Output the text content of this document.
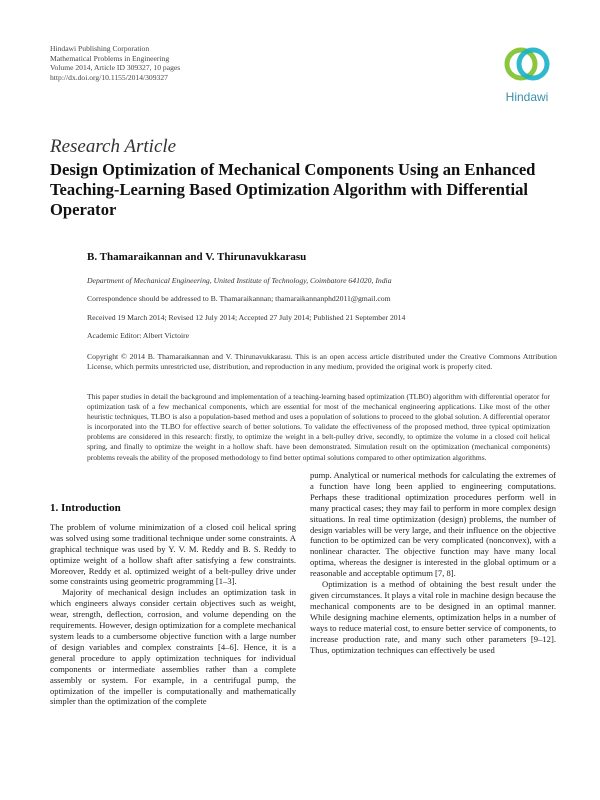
Hindawi Publishing Corporation
Mathematical Problems in Engineering
Volume 2014, Article ID 309327, 10 pages
http://dx.doi.org/10.1155/2014/309327
Hindawi
Research Article
Design Optimization of Mechanical Components Using an Enhanced Teaching-Learning Based Optimization Algorithm with Differential Operator
B. Thamaraikannan and V. Thirunavukkarasu
Department of Mechanical Engineering, United Institute of Technology, Coimbatore 641020, India
Correspondence should be addressed to B. Thamaraikannan; thamaraikannanphd2011@gmail.com
Received 19 March 2014; Revised 12 July 2014; Accepted 27 July 2014; Published 21 September 2014
Academic Editor: Albert Victoire
Copyright © 2014 B. Thamaraikannan and V. Thirunavukkarasu. This is an open access article distributed under the Creative Commons Attribution License, which permits unrestricted use, distribution, and reproduction in any medium, provided the original work is properly cited.
This paper studies in detail the background and implementation of a teaching-learning based optimization (TLBO) algorithm with differential operator for optimization task of a few mechanical components, which are essential for most of the mechanical engineering applications. Like most of the other heuristic techniques, TLBO is also a population-based method and uses a population of solutions to proceed to the global solution. A differential operator is incorporated into the TLBO for effective search of better solutions. To validate the effectiveness of the proposed method, three typical optimization problems are considered in this research: firstly, to optimize the weight in a belt-pulley drive, secondly, to optimize the volume in a closed coil helical spring, and finally to optimize the weight in a hollow shaft. have been demonstrated. Simulation result on the optimization (mechanical components) problems reveals the ability of the proposed methodology to find better optimal solutions compared to other optimization algorithms.
1. Introduction

The problem of volume minimization of a closed coil helical spring was solved using some traditional technique under some constraints. A graphical technique was used by Y. V. M. Reddy and B. S. Reddy to optimize weight of a hollow shaft after satisfying a few constraints. Moreover, Reddy et al. optimized weight of a belt-pulley drive under some constraints using geometric programming [1–3].

Majority of mechanical design includes an optimization task in which engineers always consider certain objectives such as weight, wear, strength, deflection, corrosion, and volume depending on the requirements. However, design optimization for a complete mechanical system leads to a cumbersome objective function with a large number of design variables and complex constraints [4–6]. Hence, it is a general procedure to apply optimization techniques for individual components or intermediate assemblies rather than a complete assembly or system. For example, in a centrifugal pump, the optimization of the impeller is computationally and mathematically simpler than the optimization of the complete

pump. Analytical or numerical methods for calculating the extremes of a function have long been applied to engineering computations. Perhaps these traditional optimization procedures perform well in many practical cases; they may fail to perform in more complex design situations. In real time optimization (design) problems, the number of design variables will be very large, and their influence on the objective function to be optimized can be very complicated (nonconvex), with a nonlinear character. The objective function may have many local optima, whereas the designer is interested in the global optimum or a reasonable and acceptable optimum [7, 8].

Optimization is a method of obtaining the best result under the given circumstances. It plays a vital role in machine design because the mechanical components are to be designed in an optimal manner. While designing machine elements, optimization helps in a number of ways to reduce material cost, to ensure better service of components, to increase production rate, and many such other parameters [9–12]. Thus, optimization techniques can effectively be used
